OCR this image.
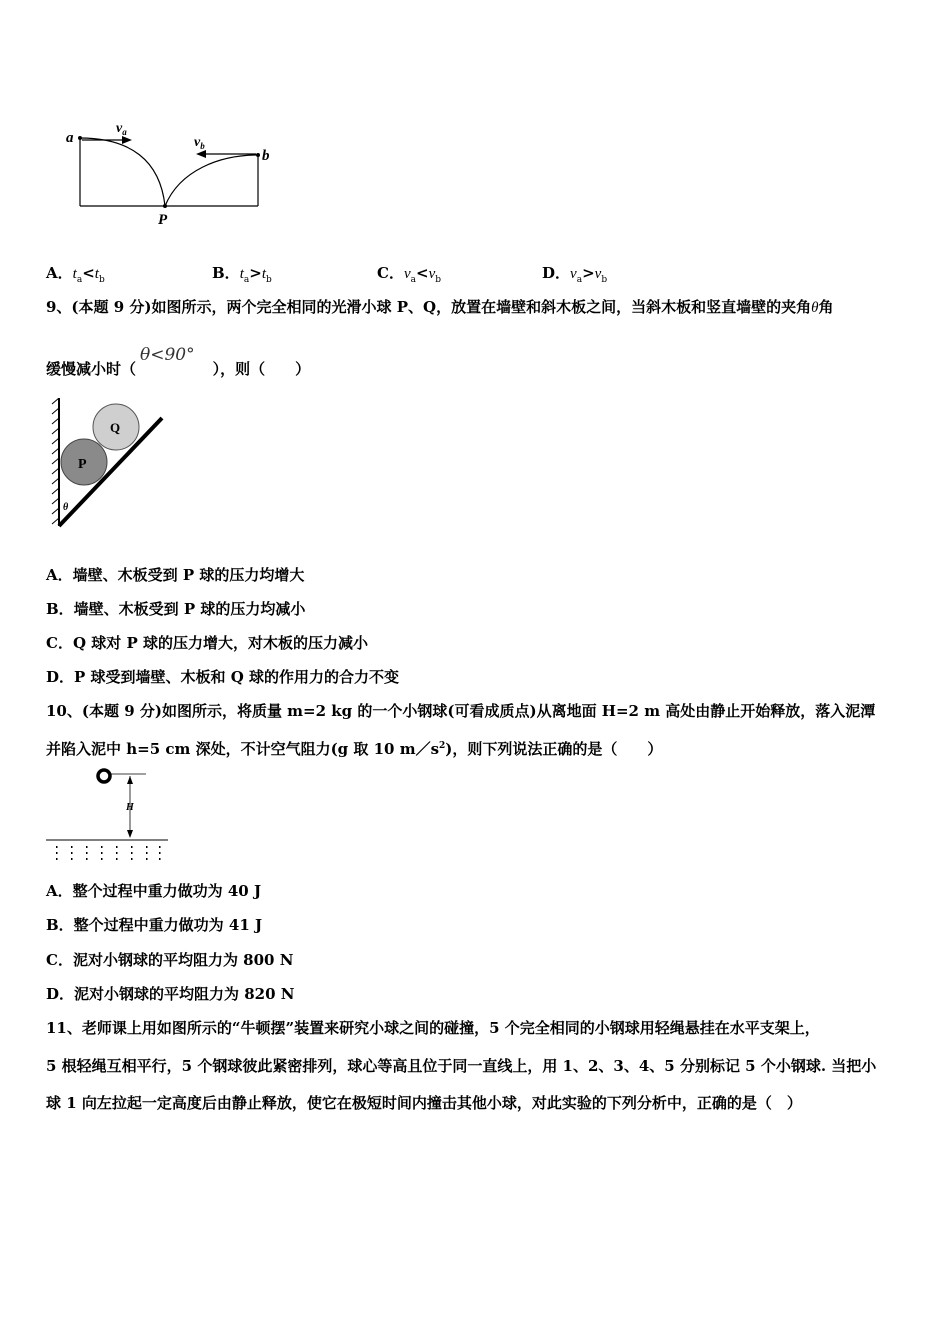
a
b
P
$v_a$
$v_b$
A．$t_a<t_b$	B．$t_a>t_b$	C．$v_a<v_b$	D．$v_a>v_b$
9、(本题 9 分)如图所示，两个完全相同的光滑小球 P、Q，放置在墙壁和斜木板之间，当斜木板和竖直墙壁的夹角θ角
缓慢减小时（θ<90°），则（　　）
Q
P
θ
A．墙壁、木板受到 P 球的压力均增大
B．墙壁、木板受到 P 球的压力均减小
C．Q 球对 P 球的压力增大，对木板的压力减小
D．P 球受到墙壁、木板和 Q 球的作用力的合力不变
10、(本题 9 分)如图所示，将质量 m=2 kg 的一个小钢球(可看成质点)从离地面 H=2 m 高处由静止开始释放，落入泥潭
并陷入泥中 h=5 cm 深处，不计空气阻力(g 取 10 $m/s^2$)，则下列说法正确的是（　　）
H
A．整个过程中重力做功为 40 J
B．整个过程中重力做功为 41 J
C．泥对小钢球的平均阻力为 800 N
D．泥对小钢球的平均阻力为 820 N
11、老师课上用如图所示的“牛顿摆”装置来研究小球之间的碰撞，5 个完全相同的小钢球用轻绳悬挂在水平支架上，
5 根轻绳互相平行，5 个钢球彼此紧密排列，球心等高且位于同一直线上，用 1、2、3、4、5 分别标记 5 个小钢球. 当把小
球 1 向左拉起一定高度后由静止释放，使它在极短时间内撞击其他小球，对此实验的下列分析中，正确的是（　）
